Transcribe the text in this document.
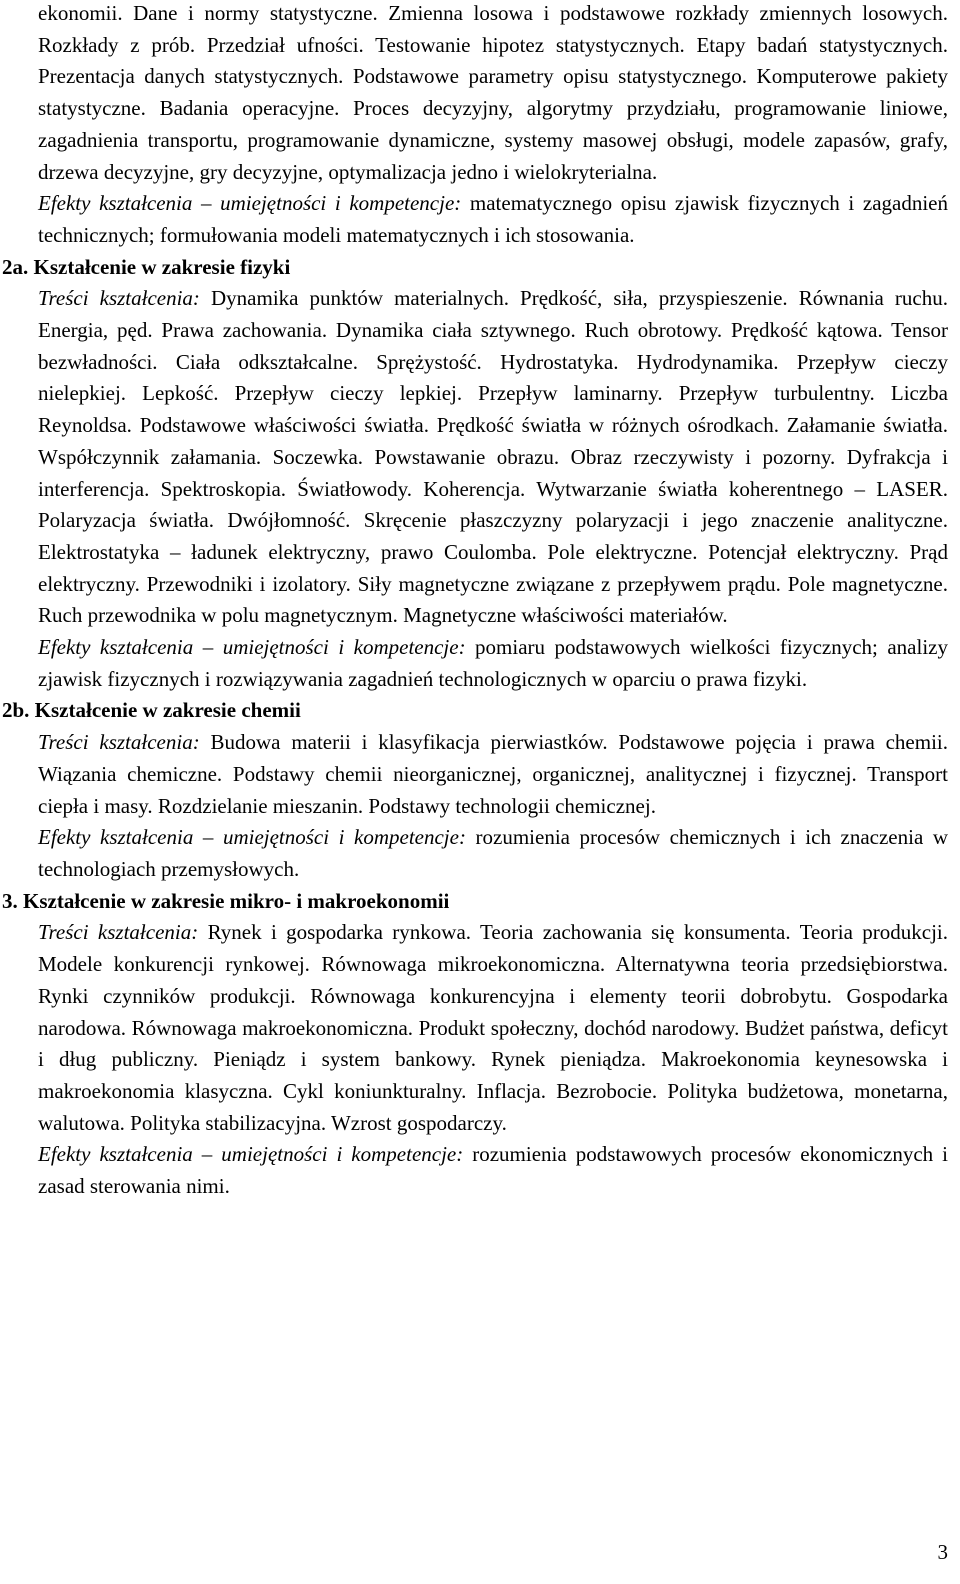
ekonomii. Dane i normy statystyczne. Zmienna losowa i podstawowe rozkłady zmiennych losowych. Rozkłady z prób. Przedział ufności. Testowanie hipotez statystycznych. Etapy badań statystycznych. Prezentacja danych statystycznych. Podstawowe parametry opisu statystycznego. Komputerowe pakiety statystyczne. Badania operacyjne. Proces decyzyjny, algorytmy przydziału, programowanie liniowe, zagadnienia transportu, programowanie dynamiczne, systemy masowej obsługi, modele zapasów, grafy, drzewa decyzyjne, gry decyzyjne, optymalizacja jedno i wielokryterialna.

Efekty kształcenia – umiejętności i kompetencje: matematycznego opisu zjawisk fizycznych i zagadnień technicznych; formułowania modeli matematycznych i ich stosowania.

2a. Kształcenie w zakresie fizyki

Treści kształcenia: Dynamika punktów materialnych. Prędkość, siła, przyspieszenie. Równania ruchu. Energia, pęd. Prawa zachowania. Dynamika ciała sztywnego. Ruch obrotowy. Prędkość kątowa. Tensor bezwładności. Ciała odkształcalne. Sprężystość. Hydrostatyka. Hydrodynamika. Przepływ cieczy nielepkiej. Lepkość. Przepływ cieczy lepkiej. Przepływ laminarny. Przepływ turbulentny. Liczba Reynoldsa. Podstawowe właściwości światła. Prędkość światła w różnych ośrodkach. Załamanie światła. Współczynnik załamania. Soczewka. Powstawanie obrazu. Obraz rzeczywisty i pozorny. Dyfrakcja i interferencja. Spektroskopia. Światłowody. Koherencja. Wytwarzanie światła koherentnego – LASER. Polaryzacja światła. Dwójłomność. Skręcenie płaszczyzny polaryzacji i jego znaczenie analityczne. Elektrostatyka – ładunek elektryczny, prawo Coulomba. Pole elektryczne. Potencjał elektryczny. Prąd elektryczny. Przewodniki i izolatory. Siły magnetyczne związane z przepływem prądu. Pole magnetyczne. Ruch przewodnika w polu magnetycznym. Magnetyczne właściwości materiałów.

Efekty kształcenia – umiejętności i kompetencje: pomiaru podstawowych wielkości fizycznych; analizy zjawisk fizycznych i rozwiązywania zagadnień technologicznych w oparciu o prawa fizyki.

2b. Kształcenie w zakresie chemii

Treści kształcenia: Budowa materii i klasyfikacja pierwiastków. Podstawowe pojęcia i prawa chemii. Wiązania chemiczne. Podstawy chemii nieorganicznej, organicznej, analitycznej i fizycznej. Transport ciepła i masy. Rozdzielanie mieszanin. Podstawy technologii chemicznej.

Efekty kształcenia – umiejętności i kompetencje: rozumienia procesów chemicznych i ich znaczenia w technologiach przemysłowych.

3. Kształcenie w zakresie mikro- i makroekonomii

Treści kształcenia: Rynek i gospodarka rynkowa. Teoria zachowania się konsumenta. Teoria produkcji. Modele konkurencji rynkowej. Równowaga mikroekonomiczna. Alternatywna teoria przedsiębiorstwa. Rynki czynników produkcji. Równowaga konkurencyjna i elementy teorii dobrobytu. Gospodarka narodowa. Równowaga makroekonomiczna. Produkt społeczny, dochód narodowy. Budżet państwa, deficyt i dług publiczny. Pieniądz i system bankowy. Rynek pieniądza. Makroekonomia keynesowska i makroekonomia klasyczna. Cykl koniunkturalny. Inflacja. Bezrobocie. Polityka budżetowa, monetarna, walutowa. Polityka stabilizacyjna. Wzrost gospodarczy.

Efekty kształcenia – umiejętności i kompetencje: rozumienia podstawowych procesów ekonomicznych i zasad sterowania nimi.

3
